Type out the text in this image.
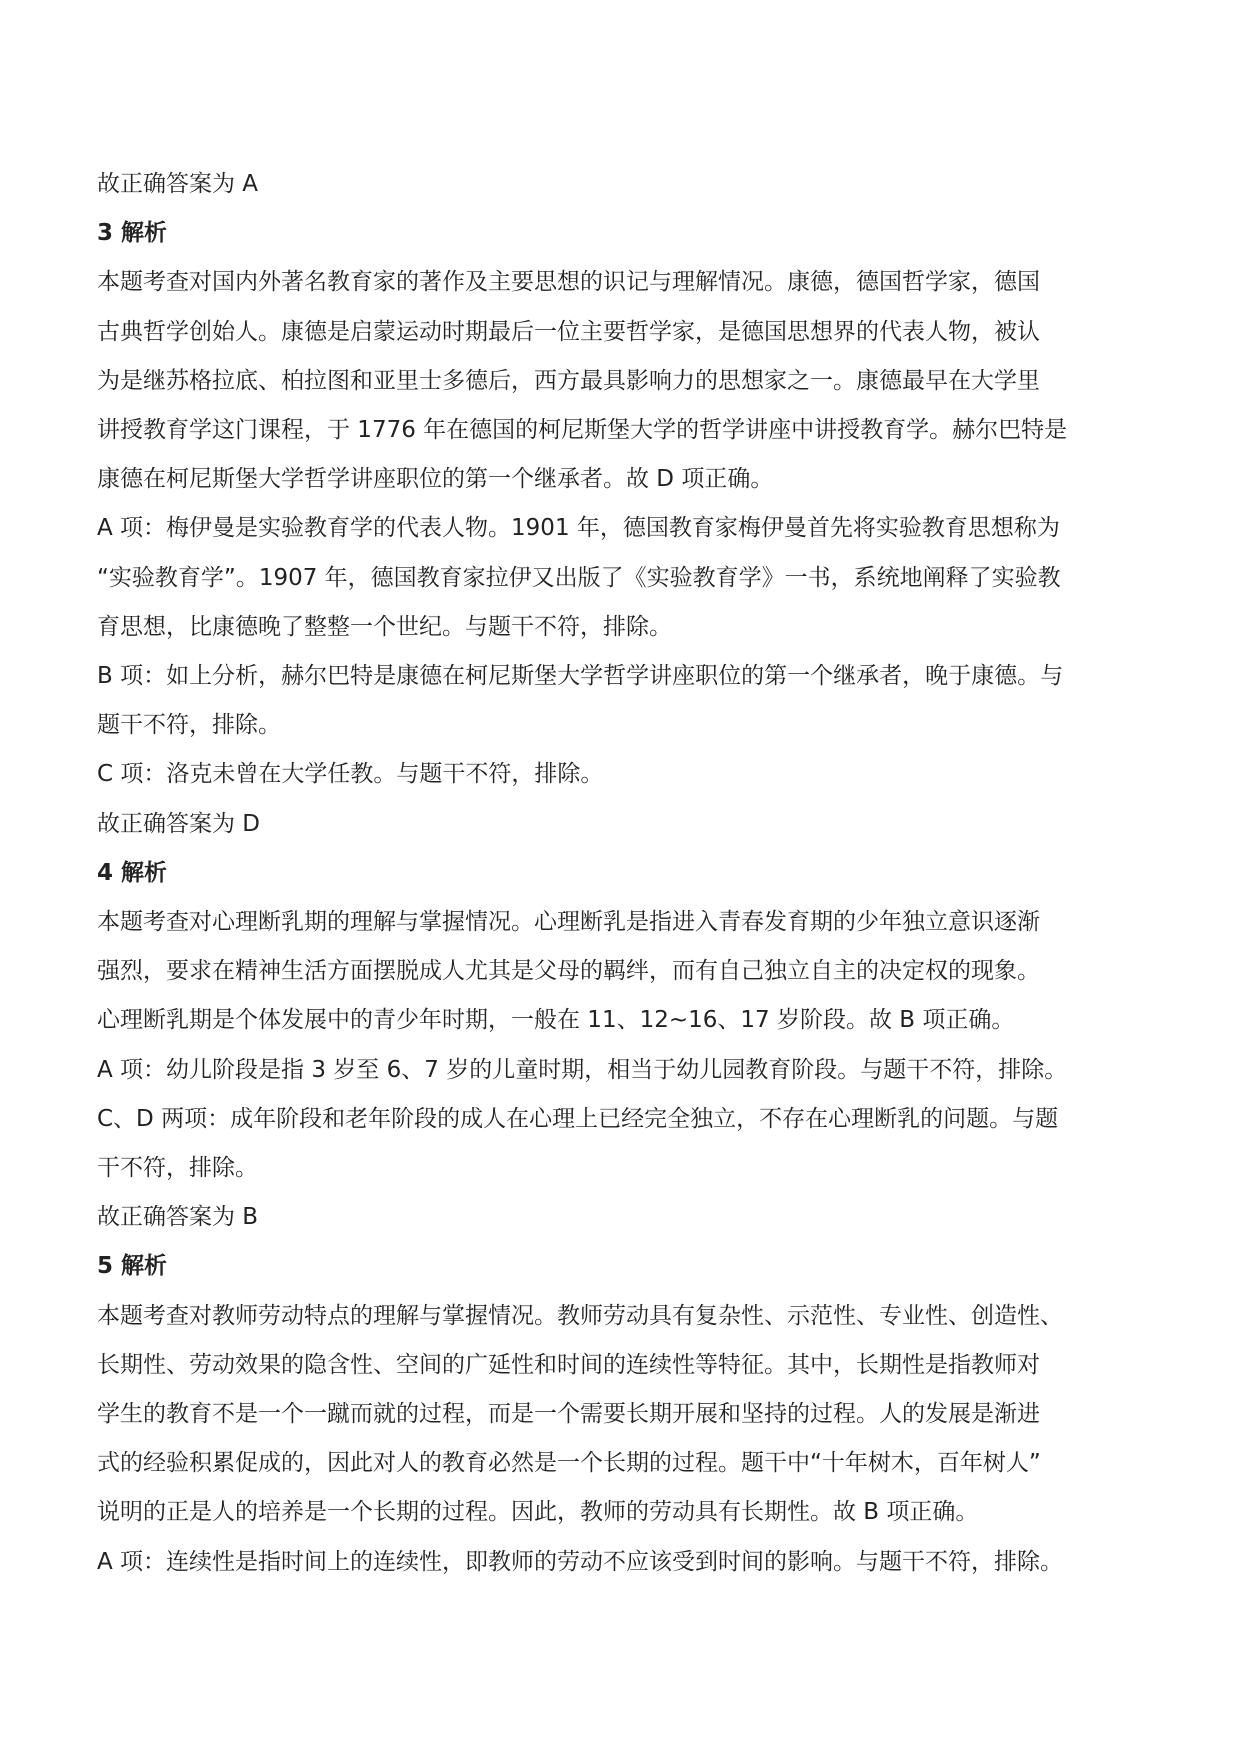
故正确答案为 A

3 解析

本题考查对国内外著名教育家的著作及主要思想的识记与理解情况。康德，德国哲学家，德国

古典哲学创始人。康德是启蒙运动时期最后一位主要哲学家，是德国思想界的代表人物，被认

为是继苏格拉底、柏拉图和亚里士多德后，西方最具影响力的思想家之一。康德最早在大学里

讲授教育学这门课程，于 1776 年在德国的柯尼斯堡大学的哲学讲座中讲授教育学。赫尔巴特是

康德在柯尼斯堡大学哲学讲座职位的第一个继承者。故 D 项正确。

A 项：梅伊曼是实验教育学的代表人物。1901 年，德国教育家梅伊曼首先将实验教育思想称为

“实验教育学”。1907 年，德国教育家拉伊又出版了《实验教育学》一书，系统地阐释了实验教

育思想，比康德晚了整整一个世纪。与题干不符，排除。

B 项：如上分析，赫尔巴特是康德在柯尼斯堡大学哲学讲座职位的第一个继承者，晚于康德。与

题干不符，排除。

C 项：洛克未曾在大学任教。与题干不符，排除。

故正确答案为 D

4 解析

本题考查对心理断乳期的理解与掌握情况。心理断乳是指进入青春发育期的少年独立意识逐渐

强烈，要求在精神生活方面摆脱成人尤其是父母的羁绊，而有自己独立自主的决定权的现象。

心理断乳期是个体发展中的青少年时期，一般在 11、12~16、17 岁阶段。故 B 项正确。

A 项：幼儿阶段是指 3 岁至 6、7 岁的儿童时期，相当于幼儿园教育阶段。与题干不符，排除。

C、D 两项：成年阶段和老年阶段的成人在心理上已经完全独立，不存在心理断乳的问题。与题

干不符，排除。

故正确答案为 B

5 解析

本题考查对教师劳动特点的理解与掌握情况。教师劳动具有复杂性、示范性、专业性、创造性、

长期性、劳动效果的隐含性、空间的广延性和时间的连续性等特征。其中，长期性是指教师对

学生的教育不是一个一蹴而就的过程，而是一个需要长期开展和坚持的过程。人的发展是渐进

式的经验积累促成的，因此对人的教育必然是一个长期的过程。题干中“十年树木，百年树人”

说明的正是人的培养是一个长期的过程。因此，教师的劳动具有长期性。故 B 项正确。

A 项：连续性是指时间上的连续性，即教师的劳动不应该受到时间的影响。与题干不符，排除。
